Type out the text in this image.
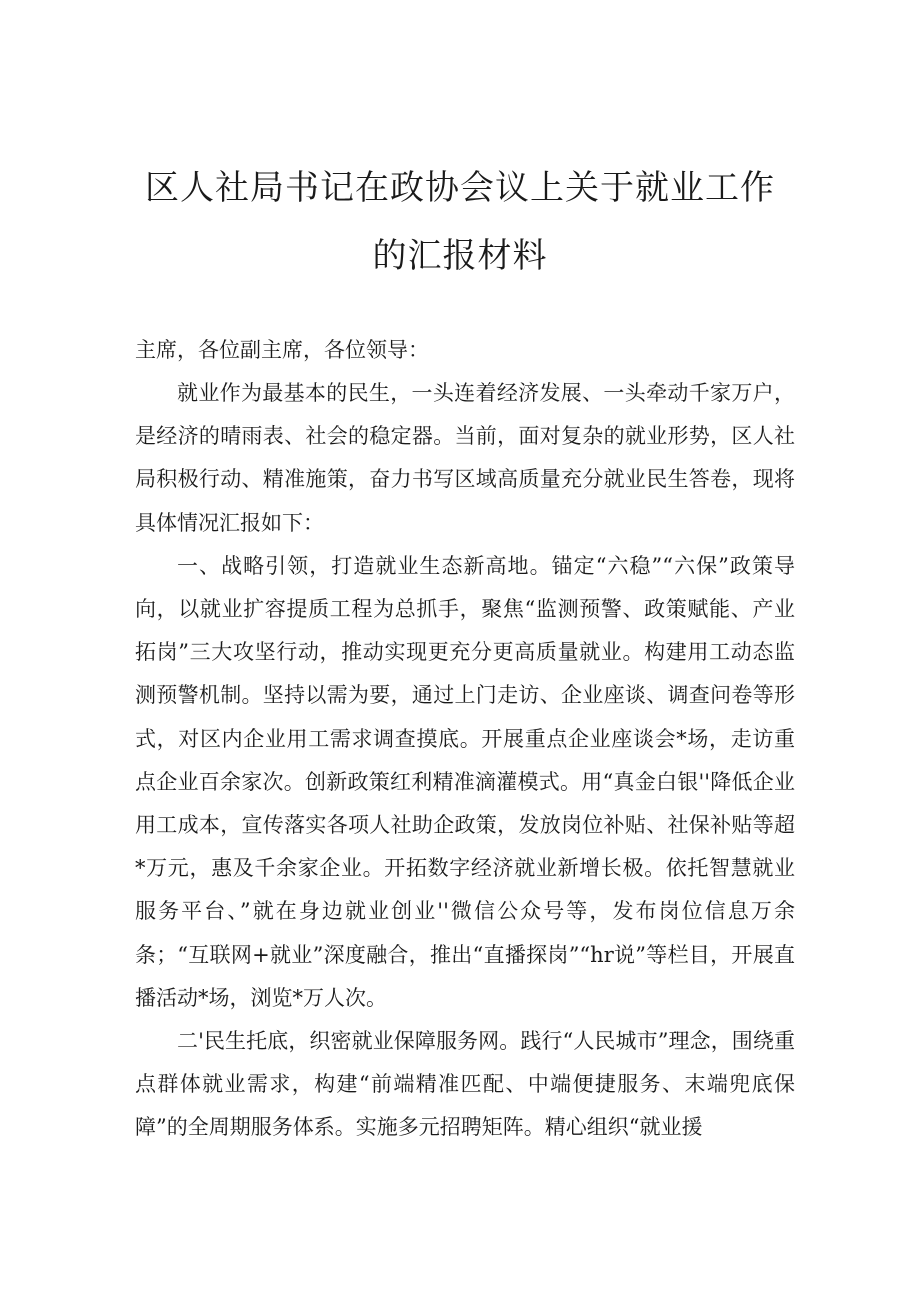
区人社局书记在政协会议上关于就业工作
的汇报材料

主席，各位副主席，各位领导：

就业作为最基本的民生，一头连着经济发展、一头牵动千家万户，是经济的晴雨表、社会的稳定器。当前，面对复杂的就业形势，区人社局积极行动、精准施策，奋力书写区域高质量充分就业民生答卷，现将具体情况汇报如下：

一、战略引领，打造就业生态新高地。锚定“六稳”“六保”政策导向，以就业扩容提质工程为总抓手，聚焦“监测预警、政策赋能、产业拓岗”三大攻坚行动，推动实现更充分更高质量就业。构建用工动态监测预警机制。坚持以需为要，通过上门走访、企业座谈、调查问卷等形式，对区内企业用工需求调查摸底。开展重点企业座谈会*场，走访重点企业百余家次。创新政策红利精准滴灌模式。用“真金白银''降低企业用工成本，宣传落实各项人社助企政策，发放岗位补贴、社保补贴等超*万元，惠及千余家企业。开拓数字经济就业新增长极。依托智慧就业服务平台、”就在身边就业创业''微信公众号等，发布岗位信息万余条；“互联网+就业”深度融合，推出“直播探岗”“hr说”等栏目，开展直播活动*场，浏览*万人次。

二'民生托底，织密就业保障服务网。践行“人民城市”理念，围绕重点群体就业需求，构建“前端精准匹配、中端便捷服务、末端兜底保障”的全周期服务体系。实施多元招聘矩阵。精心组织“就业援
